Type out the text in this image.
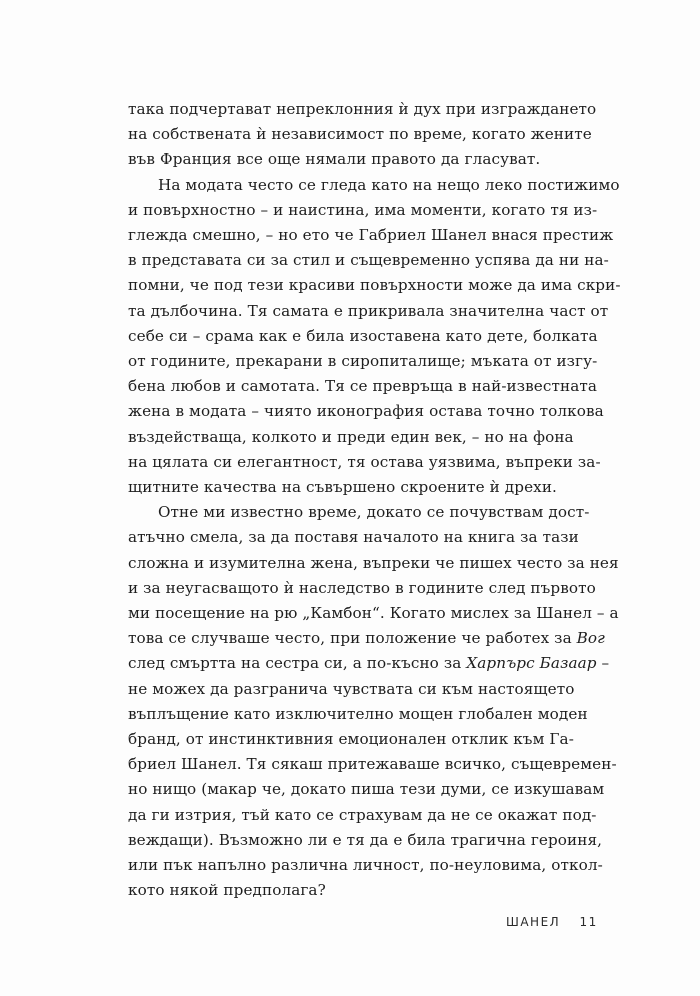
така подчертават непреклонния ѝ дух при изграждането
на собствената ѝ независимост по време, когато жените
във Франция все още нямали правото да гласуват.

На модата често се гледа като на нещо леко постижимо
и повърхностно – и наистина, има моменти, когато тя из-
глежда смешно, – но ето че Габриел Шанел внася престиж
в представата си за стил и същевременно успява да ни на-
помни, че под тези красиви повърхности може да има скри-
та дълбочина. Тя самата е прикривала значителна част от
себе си – срама как е била изоставена като дете, болката
от годините, прекарани в сиропиталище; мъката от изгу-
бена любов и самотата. Тя се превръща в най-известната
жена в модата – чиято иконография остава точно толкова
въздействаща, колкото и преди един век, – но на фона
на цялата си елегантност, тя остава уязвима, въпреки за-
щитните качества на съвършено скроените ѝ дрехи.

Отне ми известно време, докато се почувствам дост-
атъчно смела, за да поставя началото на книга за тази
сложна и изумителна жена, въпреки че пишех често за нея
и за неугасващото ѝ наследство в годините след първото
ми посещение на рю „Камбон“. Когато мислех за Шанел – а
това се случваше често, при положение че работех за Вог
след смъртта на сестра си, а по-късно за Харпърс Базаар –
не можех да разгранича чувствата си към настоящето
въплъщение като изключително мощен глобален моден
бранд, от инстинктивния емоционален отклик към Га-
бриел Шанел. Тя сякаш притежаваше всичко, същевремен-
но нищо (макар че, докато пиша тези думи, се изкушавам
да ги изтрия, тъй като се страхувам да не се окажат под-
веждащи). Възможно ли е тя да е била трагична героиня,
или пък напълно различна личност, по-неуловима, откол-
кото някой предполага?

ШАНЕЛ 11
